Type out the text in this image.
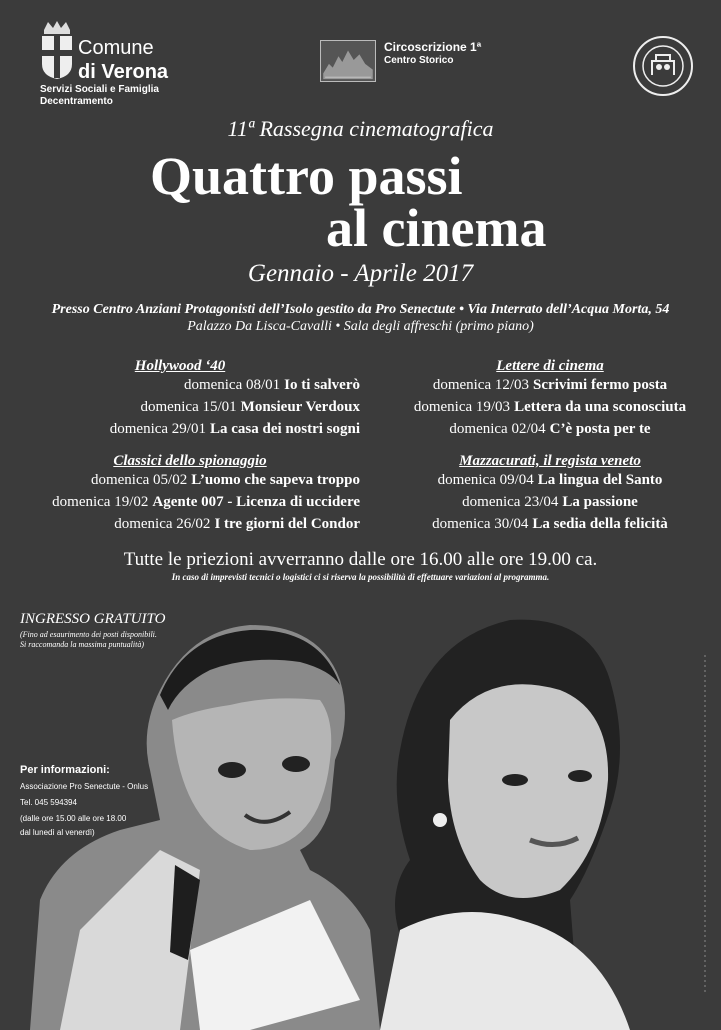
Comune
di Verona
Servizi Sociali e Famiglia
Decentramento
Circoscrizione 1ª
Centro Storico
11ª Rassegna cinematografica
Quattro passi
al cinema
Gennaio - Aprile 2017
Presso Centro Anziani Protagonisti dell’Isolo gestito da Pro Senectute • Via Interrato dell’Acqua Morta, 54
Palazzo Da Lisca-Cavalli • Sala degli affreschi (primo piano)
Hollywood ‘40
domenica 08/01 Io ti salverò
domenica 15/01 Monsieur Verdoux
domenica 29/01 La casa dei nostri sogni
Classici dello spionaggio
domenica 05/02 L’uomo che sapeva troppo
domenica 19/02 Agente 007 - Licenza di uccidere
domenica 26/02 I tre giorni del Condor
Lettere di cinema
domenica 12/03 Scrivimi fermo posta
domenica 19/03 Lettera da una sconosciuta
domenica 02/04 C’è posta per te
Mazzacurati, il regista veneto
domenica 09/04 La lingua del Santo
domenica 23/04 La passione
domenica 30/04 La sedia della felicità
Tutte le priezioni avverranno dalle ore 16.00 alle ore 19.00 ca.
In caso di imprevisti tecnici o logistici ci si riserva la possibilità di effettuare variazioni al programma.
INGRESSO GRATUITO
(Fino ad esaurimento dei posti disponibili.
Si raccomanda la massima puntualità)
Per informazioni:
Associazione Pro Senectute - Onlus
Tel. 045 594394
(dalle ore 15.00 alle ore 18.00
dal lunedì al venerdì)
